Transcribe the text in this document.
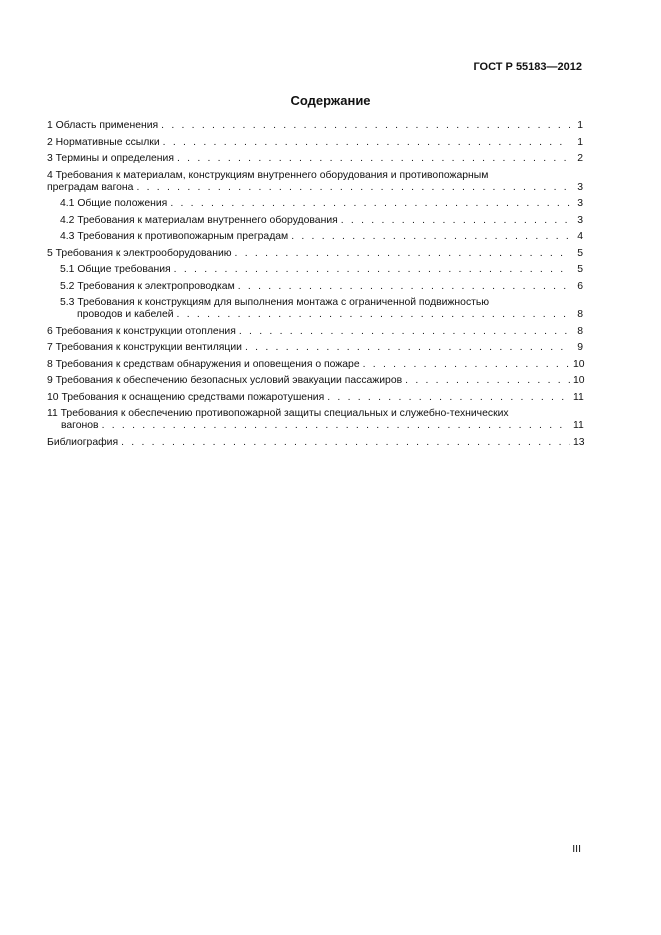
ГОСТ Р 55183—2012
Содержание
1 Область применения . . .	1
2 Нормативные ссылки . . .	1
3 Термины и определения . . .	2
4 Требования к материалам, конструкциям внутреннего оборудования и противопожарным
преградам вагона . . .	3
4.1 Общие положения . . .	3
4.2 Требования к материалам внутреннего оборудования . . .	3
4.3 Требования к противопожарным преградам . . .	4
5 Требования к электрооборудованию . . .	5
5.1 Общие требования . . .	5
5.2 Требования к электропроводкам . . .	6
5.3 Требования к конструкциям для выполнения монтажа с ограниченной подвижностью
проводов и кабелей . . .	8
6 Требования к конструкции отопления . . .	8
7 Требования к конструкции вентиляции . . .	9
8 Требования к средствам обнаружения и оповещения о пожаре . . .	10
9 Требования к обеспечению безопасных условий эвакуации пассажиров . . .	10
10 Требования к оснащению средствами пожаротушения . . .	11
11 Требования к обеспечению противопожарной защиты специальных и служебно-технических
вагонов . . .	11
Библиография . . .	13
III
